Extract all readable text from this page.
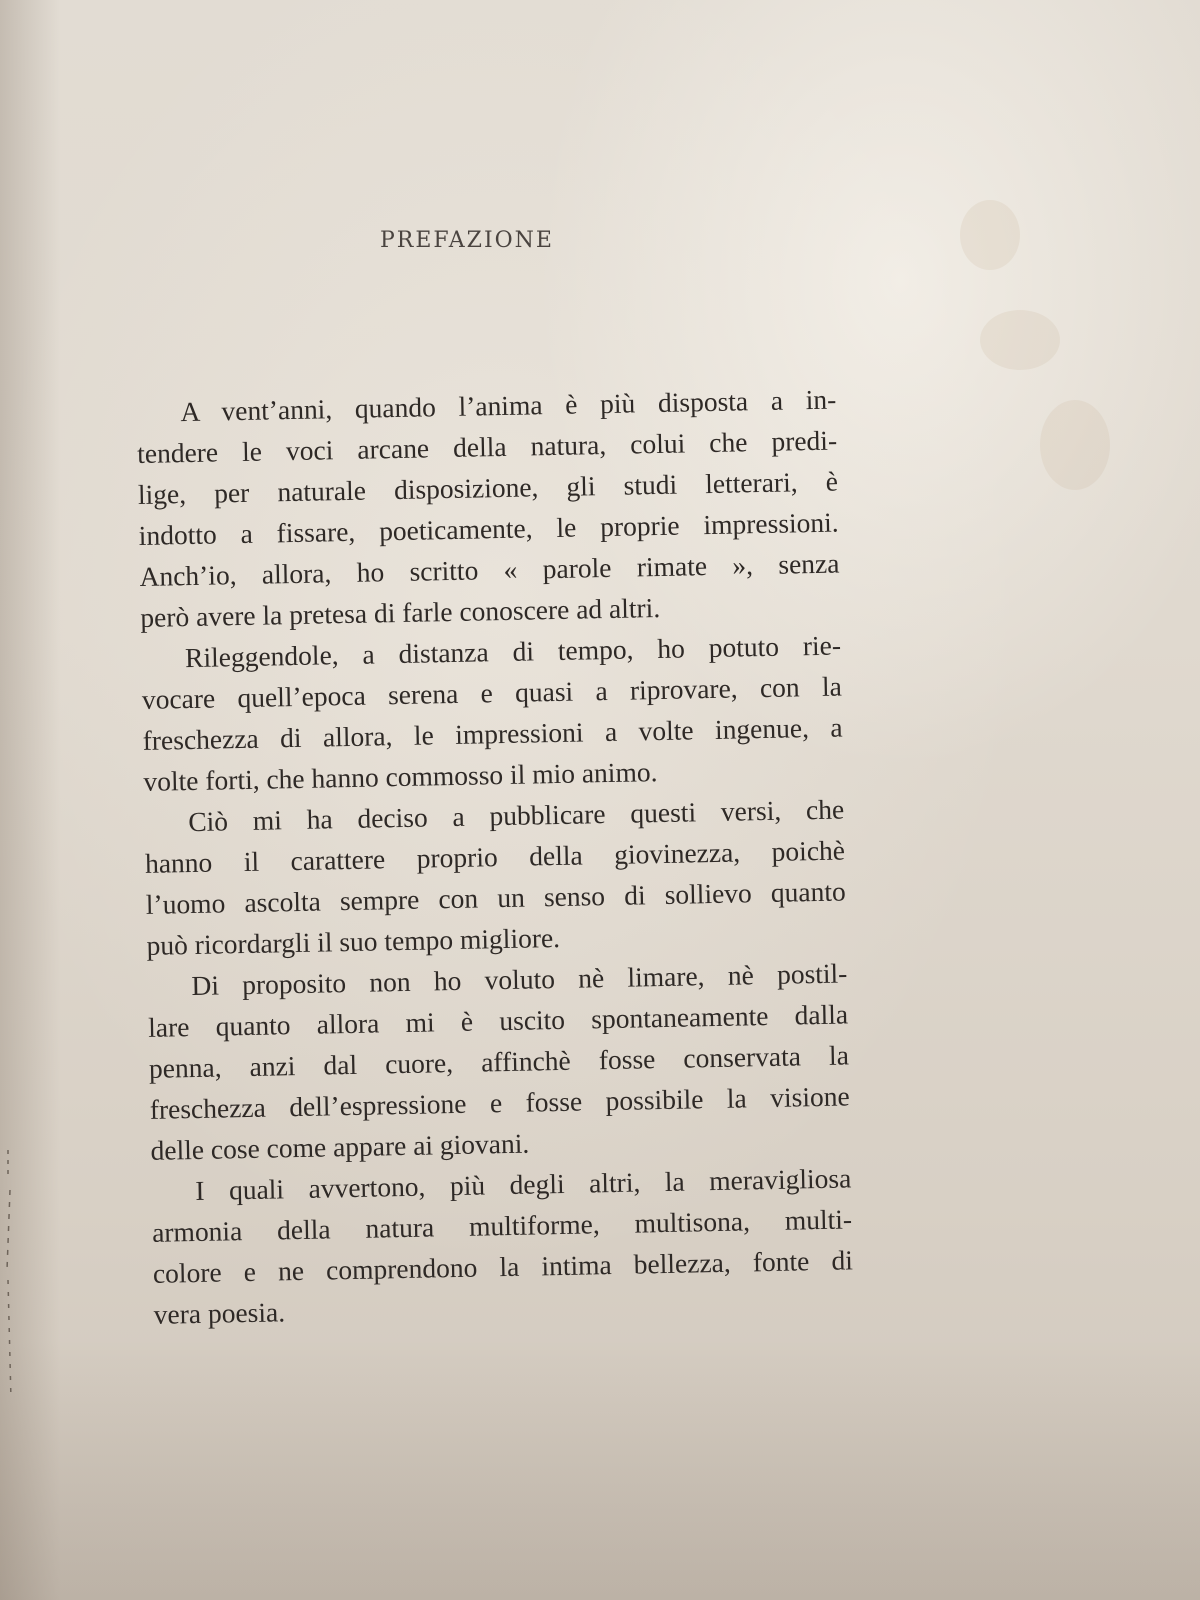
PREFAZIONE
A vent’anni, quando l’anima è più disposta a in-
tendere le voci arcane della natura, colui che predi-
lige, per naturale disposizione, gli studi letterari, è
indotto a fissare, poeticamente, le proprie impressioni.
Anch’io, allora, ho scritto « parole rimate », senza
però avere la pretesa di farle conoscere ad altri.
Rileggendole, a distanza di tempo, ho potuto rie-
vocare quell’epoca serena e quasi a riprovare, con la
freschezza di allora, le impressioni a volte ingenue, a
volte forti, che hanno commosso il mio animo.
Ciò mi ha deciso a pubblicare questi versi, che
hanno il carattere proprio della giovinezza, poichè
l’uomo ascolta sempre con un senso di sollievo quanto
può ricordargli il suo tempo migliore.
Di proposito non ho voluto nè limare, nè postil-
lare quanto allora mi è uscito spontaneamente dalla
penna, anzi dal cuore, affinchè fosse conservata la
freschezza dell’espressione e fosse possibile la visione
delle cose come appare ai giovani.
I quali avvertono, più degli altri, la meravigliosa
armonia della natura multiforme, multisona, multi-
colore e ne comprendono la intima bellezza, fonte di
vera poesia.
